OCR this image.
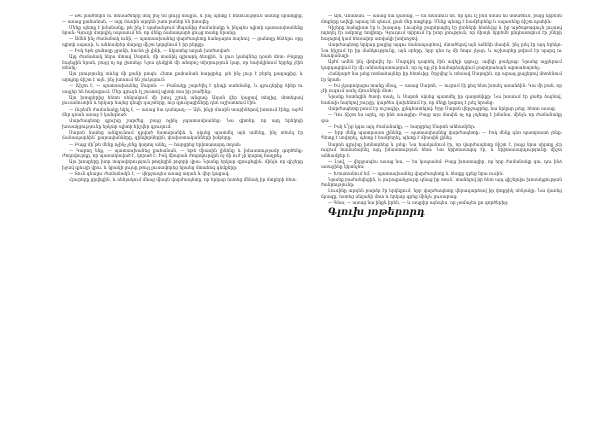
— Թե լսածներն ու տեսածները մեզ ինչ են ցույց տալիս, և ինչ պետք է հետևություն անենք սրանցից, — ասաց քահանան, — այդ մասին արդեն շատ բաներ են խոսվել:

Մենք պետք է իմանանք, թե ինչ է պահանջում մեզանից ժամանակը և ինչպես պիտի պատասխանենք նրան: Գյուղի մարդիկ սպասում են, որ մենք ճանապարհ ցույց տանք նրանց:

— Ամեն ինչ ժամանակ ունի, — պատասխանեց վարժապետը հանդարտ ձայնով. — ցանողը հնձելու օրը պիտի սպասի, և անհամբեր մարդը միշտ կորցնում է իր բերքը:

— Իսկ եթե ցանողը չցանի, հունձ չի լինի, — նկատեց աղան խոժոռված:

Այդ ժամանակ ներս մտավ Սարոն, մի տաճիկ գլխարկ ձեռքին, և լուռ կանգնեց դռան մոտ: Բոլորը նայեցին նրան, բայց ոչ ոք չխոսեց: Նրա դեմքին մի անորոշ տխրություն կար, որ նախկինում երբեք չէին տեսել:

Այս լռությունը տևեց մի քանի րոպե: Հետո քահանան հարցրեց, թե ինչ լուր է բերել քաղաքից, և արդյոք ճիշտ է այն, ինչ խոսում են շուկայում:

— Ճիշտ է, — պատասխանեց Սարոն: — Բանակը շարժվել է դեպի սահմանը, և գյուղերից ձիեր ու սայլեր են հավաքում: Մեր գյուղն էլ շուտով պիտի տա իր բաժինը:

Այս խոսքերից հետո սենյակում մի խուլ շշուկ անցավ: Աղան վեր կացավ տեղից, մոտեցավ լուսամուտին և երկար նայեց դեպի դաշտերը, ուր գյուղացիները դեռ աշխատում էին:

— Ուրեմն ժամանակը եկել է, — ասաց նա դանդաղ: — Այն, ինչի մասին տարիներով խոսում էինք, այժմ մեր դռան առաջ է կանգնած:

Վարժապետը գլուխը շարժեց, բայց ոչինչ չպատասխանեց: Նա գիտեր, որ այդ երեկոյի խոսակցությունը երկար պիտի հիշվեր գյուղում:

Սարոն նստեց անկյունում դրված նստարանին և սկսեց պատմել այն ամենը, ինչ տեսել էր ճանապարհին՝ քարավանները, զինվորներին, փախստականների խմբերը:

— Բայց մի՞թե մենք ոչինչ չենք կարող անել, — հարցրեց երիտասարդ տղան:

— Կարող ենք, — պատասխանեց քահանան, — եթե միասին լինենք և իմաստությամբ գործենք: Ժողովուրդը, որ պառակտված է, կորած է: Իսկ միաբան ժողովուրդին ոչ մի ուժ չի կարող հաղթել:

Այս խոսքերը խոր տպավորություն թողեցին բոլորի վրա: Նրանք երկար զրուցեցին, մինչև որ գիշերը իջավ գյուղի վրա, և կրակի լույսը թույլ լուսավորեց նրանց մտահոգ դեմքերը:

— Տուն գնալու ժամանակն է, — վերջապես ասաց աղան և վեր կացավ:

Հյուրերը ցրվեցին, և սենյակում մնաց միայն վարժապետը, որ երկար նստեց մենակ իր մտքերի հետ:

— Այո, Վեստան, — ասաց նա կամաց, — ես տեսնում եմ, որ դու էլ ինձ նման ես մտածում, բայց երբեմն մտքերը ավելի արագ են գնում, քան մեր ոտքերը: Մենք պետք է համբերենք և սպասենք ճիշտ պահին:

Գիշերը հանգիստ էր և խաղաղ: Լուսինը բարձրացել էր լեռների հետևից և իր արծաթագույն լույսով ողողել էր ամբողջ հովիտը: Գյուղում տիրում էր խոր լռություն, որ միայն երբեմն ընդհատվում էր շների հաչոցով կամ հեռավոր առվակի խոխոջով:

Վարժապետը երկար քայլեց այգու ճանապարհով, մտածելով այն ամենի մասին, ինչ լսել էր այդ երեկո: Նա հիշում էր իր մանկությունը, այն օրերը, երբ դեռ ոչ մի հոգս չկար, և աշխարհը թվում էր պարզ ու հասկանալի:

Այժմ ամեն ինչ փոխվել էր: Մարդիկ դարձել էին ավելի զգույշ, ավելի լռակյաց: Նրանց աչքերում կարդացվում էր մի անհանգստություն, որ ոչ ոք չէր համարձակվում բարձրաձայն արտահայտել:

Հանկարծ նա լսեց ոտնաձայներ իր հետևից: Շրջվեց և տեսավ Սարոյին, որ արագ քայլերով մոտենում էր նրան:

— Ես չկարողացա տանը մնալ, — ասաց Սարոն, — ուզում էի քեզ հետ խոսել առանձին: Կա մի բան, որ չէի ուզում ասել մյուսների մոտ:

Նրանք նստեցին ծառի տակ, և Սարոն սկսեց պատմել իր գաղտնիքը: Նա խոսում էր ցածր ձայնով, հաճախ նայելով շուրջը, կարծես վախենում էր, որ մեկը կարող է լսել նրանց:

Վարժապետը լսում էր ուշադիր, չընդհատելով: Երբ Սարոն վերջացրեց, նա երկար լռեց, հետո ասաց.

— Դու ճիշտ ես արել, որ ինձ ասացիր: Բայց այս մասին ոչ ոք չպետք է իմանա, մինչև որ ժամանակը գա:

— Իսկ ե՞րբ կգա այդ ժամանակը, — հարցրեց Սարոն անհամբեր:

— Երբ մենք պատրաստ լինենք, — պատասխանեց վարժապետը: — Իսկ մենք դեռ պատրաստ չենք: Պետք է սովորել, պետք է համբերել, պետք է միասին լինել:

Սարոն գլուխը խոնարհեց և լռեց: Նա հասկանում էր, որ վարժապետը ճիշտ է, բայց նրա սիրտը չէր ուզում համաձայնել այդ իմաստության հետ: Նա երիտասարդ էր, և երիտասարդությունը միշտ անհամբեր է:

— Լավ, — վերջապես ասաց նա, — ես կսպասեմ: Բայց խոստացիր, որ երբ ժամանակը գա, դու ինձ առաջինը կկանչես:

— Խոստանում եմ, — պատասխանեց վարժապետը և ձեռքը դրեց նրա ուսին:

Նրանք բաժանվեցին, և յուրաքանչյուրը գնաց իր տուն՝ տանելով իր հետ այդ գիշերվա խոսակցության ծանրությունը:

Լուսինը արդեն բարձր էր երկնքում, երբ վարժապետը վերադարձավ իր փոքրիկ սենյակը: Նա վառեց ճրագը, նստեց սեղանի մոտ և երկար գրեց մինչև լուսաբաց:

— Գնա, — ասաց նա ինքն իրեն, — և ապրիր այնպես, որ չամաչես քո գործերից:

Գլուխ յոթերորդ
